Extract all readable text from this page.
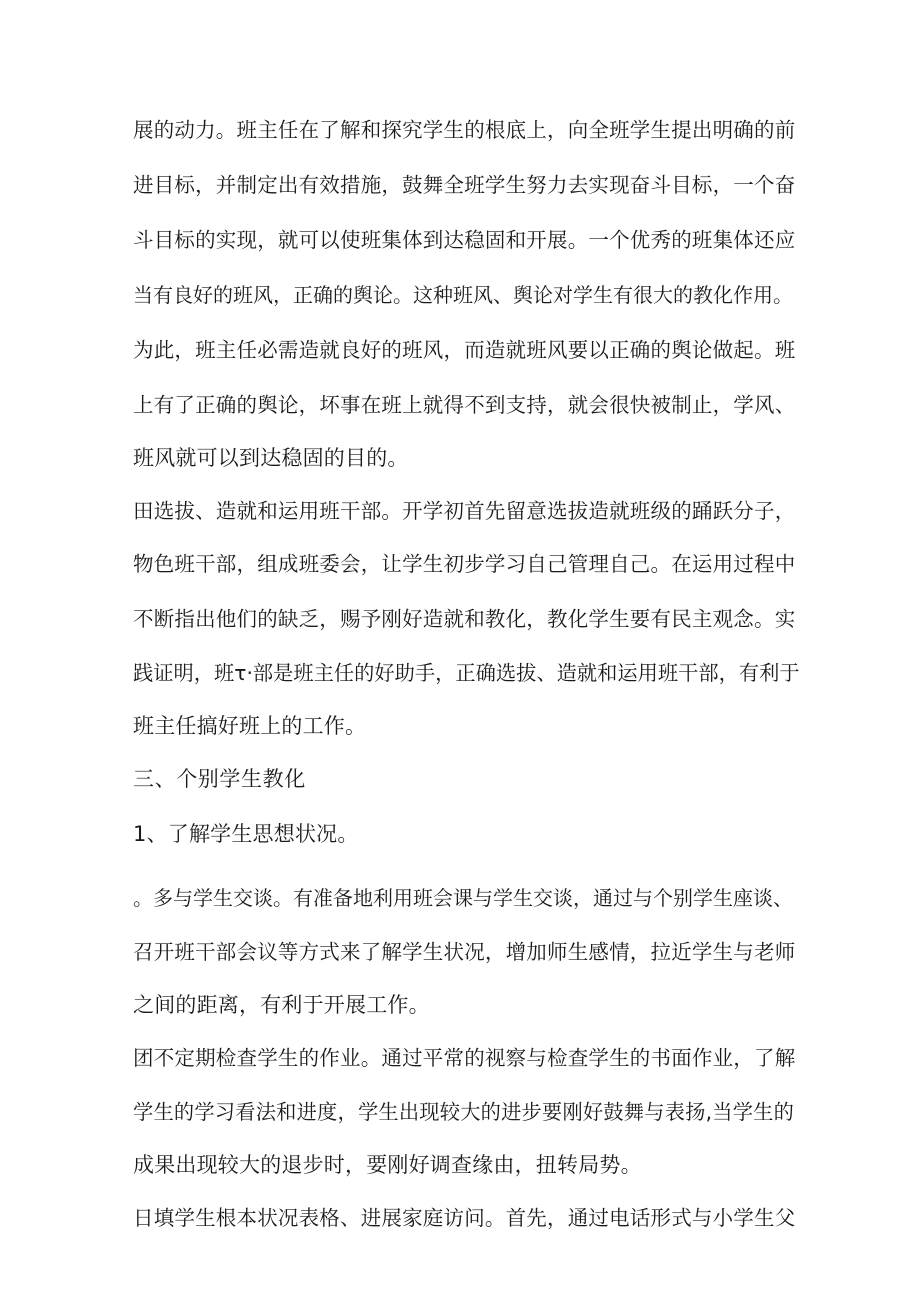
展的动力。班主任在了解和探究学生的根底上，向全班学生提出明确的前
进目标，并制定出有效措施，鼓舞全班学生努力去实现奋斗目标，一个奋
斗目标的实现，就可以使班集体到达稳固和开展。一个优秀的班集体还应
当有良好的班风，正确的舆论。这种班风、舆论对学生有很大的教化作用。
为此，班主任必需造就良好的班风，而造就班风要以正确的舆论做起。班
上有了正确的舆论，坏事在班上就得不到支持，就会很快被制止，学风、
班风就可以到达稳固的目的。
田选拔、造就和运用班干部。开学初首先留意选拔造就班级的踊跃分子，
物色班干部，组成班委会，让学生初步学习自己管理自己。在运用过程中
不断指出他们的缺乏，赐予刚好造就和教化，教化学生要有民主观念。实
践证明，班τ·部是班主任的好助手，正确选拔、造就和运用班干部，有利于
班主任搞好班上的工作。
三、个别学生教化
1、了解学生思想状况。
。多与学生交谈。有准备地利用班会课与学生交谈，通过与个别学生座谈、
召开班干部会议等方式来了解学生状况，增加师生感情，拉近学生与老师
之间的距离，有利于开展工作。
团不定期检查学生的作业。通过平常的视察与检查学生的书面作业，了解
学生的学习看法和进度，学生出现较大的进步要刚好鼓舞与表扬,当学生的
成果出现较大的退步时，要刚好调查缘由，扭转局势。
日填学生根本状况表格、进展家庭访问。首先，通过电话形式与小学生父
